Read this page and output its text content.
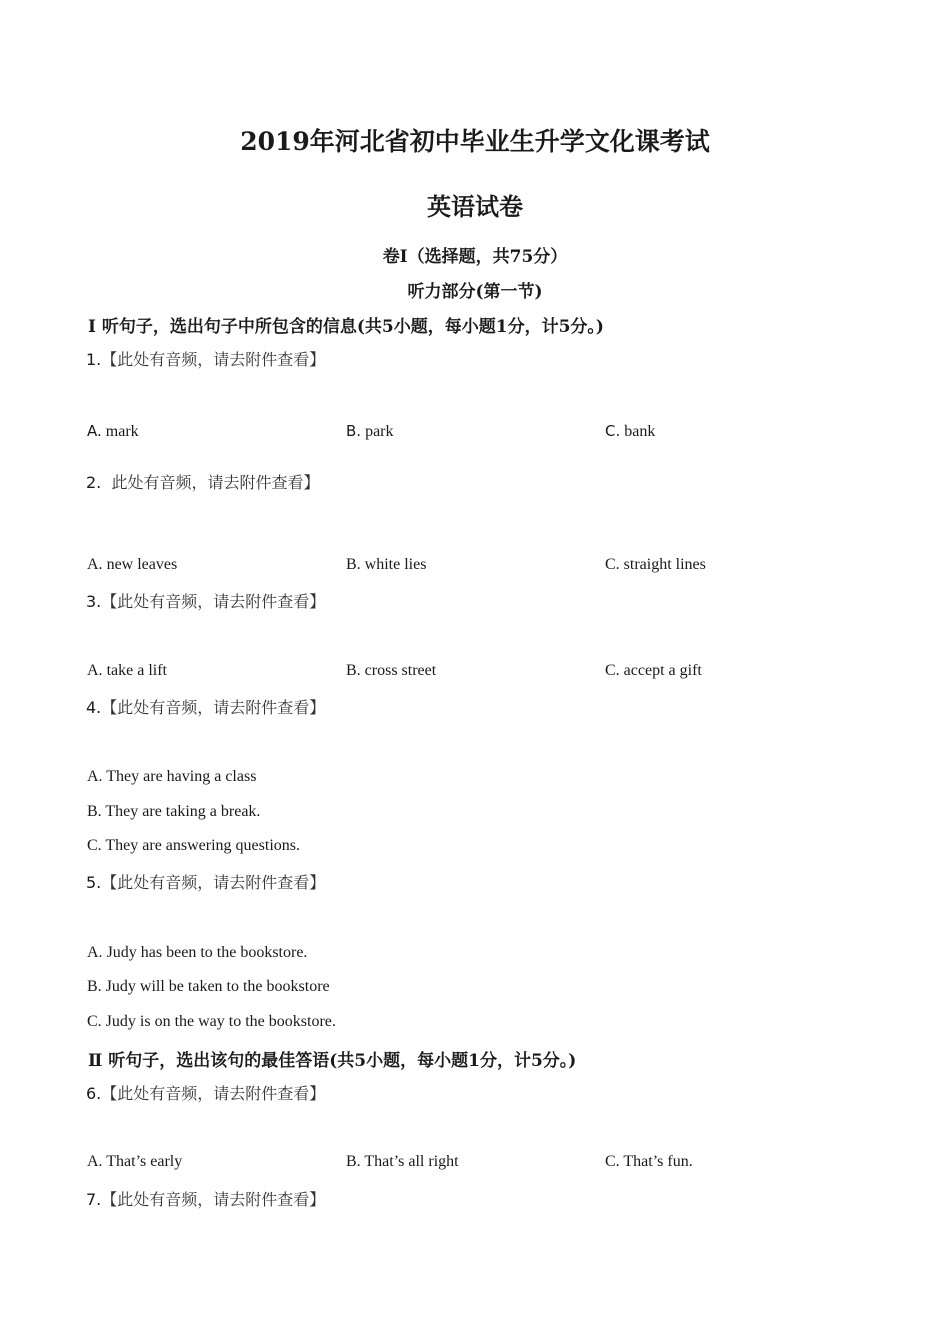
2019年河北省初中毕业生升学文化课考试
英语试卷
卷Ⅰ（选择题，共75分）
听力部分(第一节)
Ⅰ 听句子，选出句子中所包含的信息(共5小题，每小题1分，计5分。)
1.【此处有音频，请去附件查看】
A. mark	B. park	C. bank
2.  此处有音频，请去附件查看】
A. new leaves	B. white lies	C. straight lines
3.【此处有音频，请去附件查看】
A. take a lift	B. cross street	C. accept a gift
4.【此处有音频，请去附件查看】
A. They are having a class
B. They are taking a break.
C. They are answering questions.
5.【此处有音频，请去附件查看】
A. Judy has been to the bookstore.
B. Judy will be taken to the bookstore
C. Judy is on the way to the bookstore.
Ⅱ 听句子，选出该句的最佳答语(共5小题，每小题1分，计5分。)
6.【此处有音频，请去附件查看】
A. That’s early	B. That’s all right	C. That’s fun.
7.【此处有音频，请去附件查看】
